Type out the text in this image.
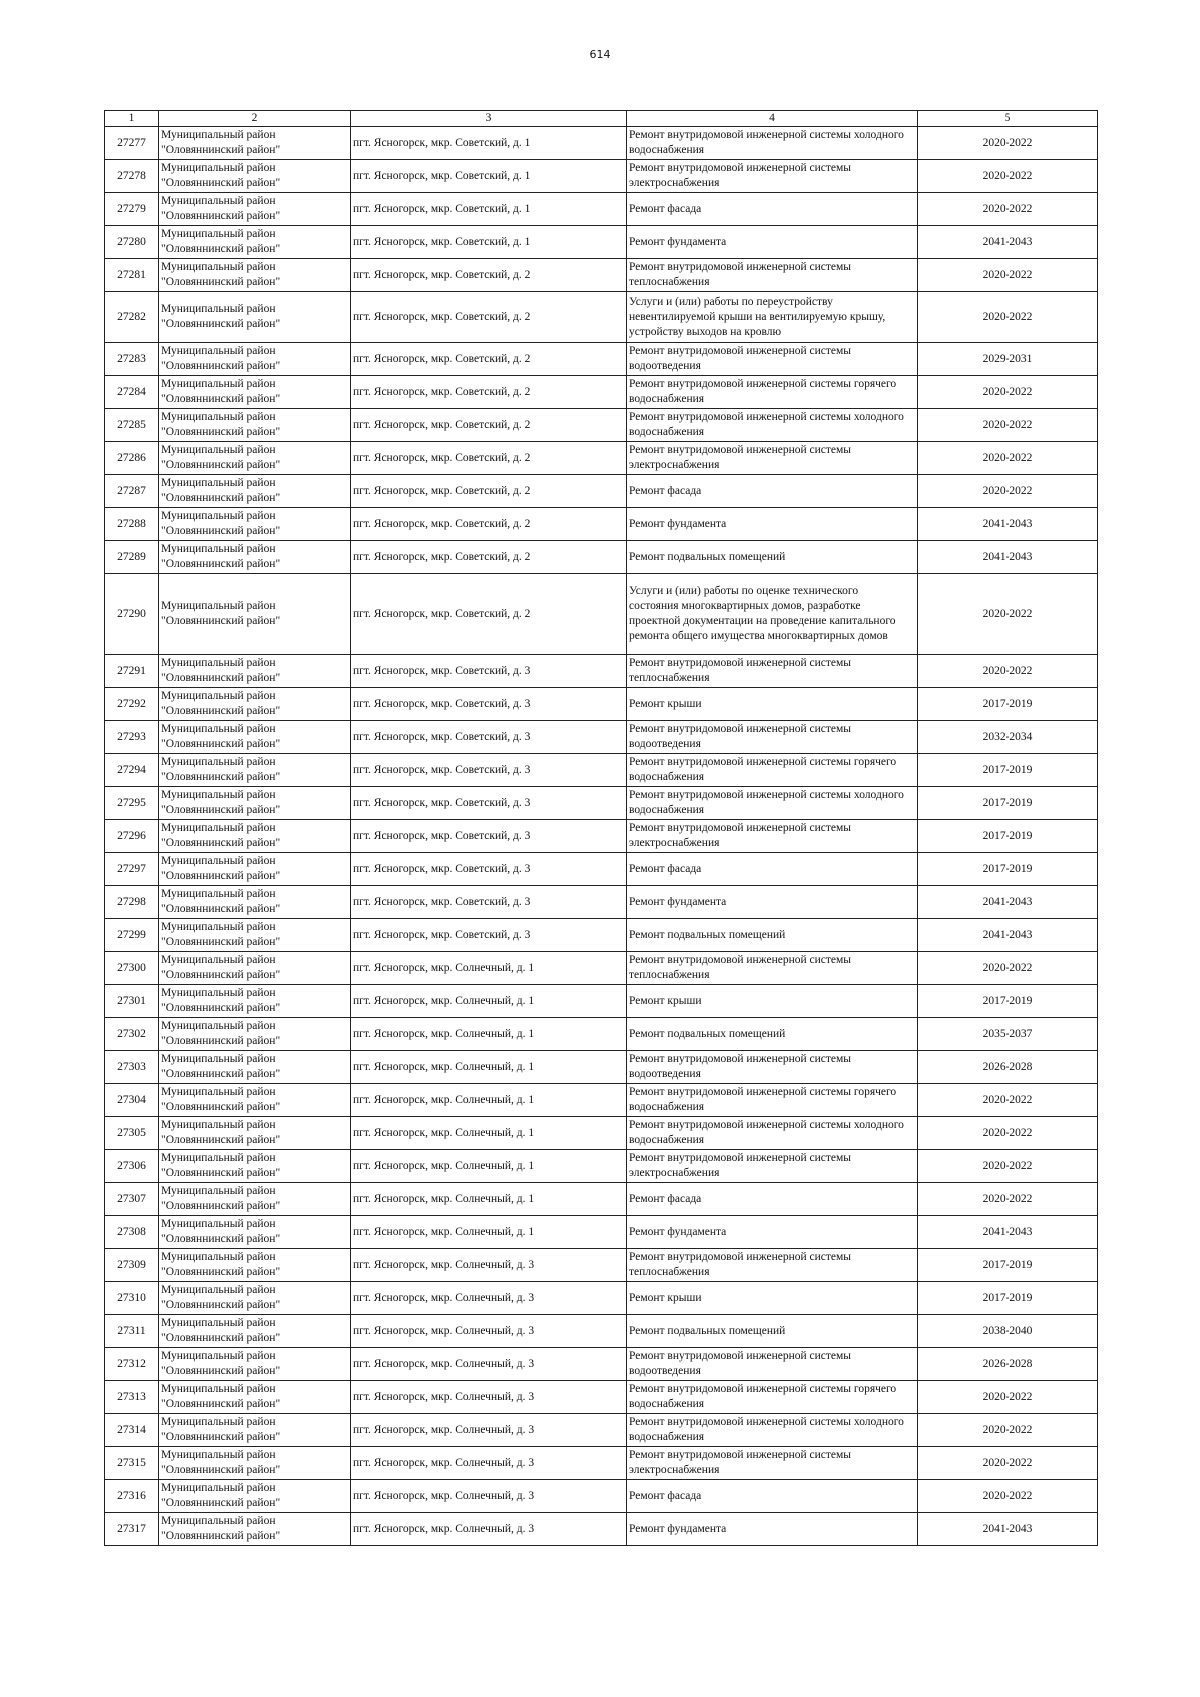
614
1	2	3	4	5
27277	Муниципальный район "Оловяннинский район"	пгт. Ясногорск, мкр. Советский, д. 1	Ремонт внутридомовой инженерной системы холодного водоснабжения	2020-2022
27278	Муниципальный район "Оловяннинский район"	пгт. Ясногорск, мкр. Советский, д. 1	Ремонт внутридомовой инженерной системы электроснабжения	2020-2022
27279	Муниципальный район "Оловяннинский район"	пгт. Ясногорск, мкр. Советский, д. 1	Ремонт фасада	2020-2022
27280	Муниципальный район "Оловяннинский район"	пгт. Ясногорск, мкр. Советский, д. 1	Ремонт фундамента	2041-2043
27281	Муниципальный район "Оловяннинский район"	пгт. Ясногорск, мкр. Советский, д. 2	Ремонт внутридомовой инженерной системы теплоснабжения	2020-2022
27282	Муниципальный район "Оловяннинский район"	пгт. Ясногорск, мкр. Советский, д. 2	Услуги и (или) работы по переустройству невентилируемой крыши на вентилируемую крышу, устройству выходов на кровлю	2020-2022
27283	Муниципальный район "Оловяннинский район"	пгт. Ясногорск, мкр. Советский, д. 2	Ремонт внутридомовой инженерной системы водоотведения	2029-2031
27284	Муниципальный район "Оловяннинский район"	пгт. Ясногорск, мкр. Советский, д. 2	Ремонт внутридомовой инженерной системы горячего водоснабжения	2020-2022
27285	Муниципальный район "Оловяннинский район"	пгт. Ясногорск, мкр. Советский, д. 2	Ремонт внутридомовой инженерной системы холодного водоснабжения	2020-2022
27286	Муниципальный район "Оловяннинский район"	пгт. Ясногорск, мкр. Советский, д. 2	Ремонт внутридомовой инженерной системы электроснабжения	2020-2022
27287	Муниципальный район "Оловяннинский район"	пгт. Ясногорск, мкр. Советский, д. 2	Ремонт фасада	2020-2022
27288	Муниципальный район "Оловяннинский район"	пгт. Ясногорск, мкр. Советский, д. 2	Ремонт фундамента	2041-2043
27289	Муниципальный район "Оловяннинский район"	пгт. Ясногорск, мкр. Советский, д. 2	Ремонт подвальных помещений	2041-2043
27290	Муниципальный район "Оловяннинский район"	пгт. Ясногорск, мкр. Советский, д. 2	Услуги и (или) работы по оценке технического состояния многоквартирных домов, разработке проектной документации на проведение капитального ремонта общего имущества многоквартирных домов	2020-2022
27291	Муниципальный район "Оловяннинский район"	пгт. Ясногорск, мкр. Советский, д. 3	Ремонт внутридомовой инженерной системы теплоснабжения	2020-2022
27292	Муниципальный район "Оловяннинский район"	пгт. Ясногорск, мкр. Советский, д. 3	Ремонт крыши	2017-2019
27293	Муниципальный район "Оловяннинский район"	пгт. Ясногорск, мкр. Советский, д. 3	Ремонт внутридомовой инженерной системы водоотведения	2032-2034
27294	Муниципальный район "Оловяннинский район"	пгт. Ясногорск, мкр. Советский, д. 3	Ремонт внутридомовой инженерной системы горячего водоснабжения	2017-2019
27295	Муниципальный район "Оловяннинский район"	пгт. Ясногорск, мкр. Советский, д. 3	Ремонт внутридомовой инженерной системы холодного водоснабжения	2017-2019
27296	Муниципальный район "Оловяннинский район"	пгт. Ясногорск, мкр. Советский, д. 3	Ремонт внутридомовой инженерной системы электроснабжения	2017-2019
27297	Муниципальный район "Оловяннинский район"	пгт. Ясногорск, мкр. Советский, д. 3	Ремонт фасада	2017-2019
27298	Муниципальный район "Оловяннинский район"	пгт. Ясногорск, мкр. Советский, д. 3	Ремонт фундамента	2041-2043
27299	Муниципальный район "Оловяннинский район"	пгт. Ясногорск, мкр. Советский, д. 3	Ремонт подвальных помещений	2041-2043
27300	Муниципальный район "Оловяннинский район"	пгт. Ясногорск, мкр. Солнечный, д. 1	Ремонт внутридомовой инженерной системы теплоснабжения	2020-2022
27301	Муниципальный район "Оловяннинский район"	пгт. Ясногорск, мкр. Солнечный, д. 1	Ремонт крыши	2017-2019
27302	Муниципальный район "Оловяннинский район"	пгт. Ясногорск, мкр. Солнечный, д. 1	Ремонт подвальных помещений	2035-2037
27303	Муниципальный район "Оловяннинский район"	пгт. Ясногорск, мкр. Солнечный, д. 1	Ремонт внутридомовой инженерной системы водоотведения	2026-2028
27304	Муниципальный район "Оловяннинский район"	пгт. Ясногорск, мкр. Солнечный, д. 1	Ремонт внутридомовой инженерной системы горячего водоснабжения	2020-2022
27305	Муниципальный район "Оловяннинский район"	пгт. Ясногорск, мкр. Солнечный, д. 1	Ремонт внутридомовой инженерной системы холодного водоснабжения	2020-2022
27306	Муниципальный район "Оловяннинский район"	пгт. Ясногорск, мкр. Солнечный, д. 1	Ремонт внутридомовой инженерной системы электроснабжения	2020-2022
27307	Муниципальный район "Оловяннинский район"	пгт. Ясногорск, мкр. Солнечный, д. 1	Ремонт фасада	2020-2022
27308	Муниципальный район "Оловяннинский район"	пгт. Ясногорск, мкр. Солнечный, д. 1	Ремонт фундамента	2041-2043
27309	Муниципальный район "Оловяннинский район"	пгт. Ясногорск, мкр. Солнечный, д. 3	Ремонт внутридомовой инженерной системы теплоснабжения	2017-2019
27310	Муниципальный район "Оловяннинский район"	пгт. Ясногорск, мкр. Солнечный, д. 3	Ремонт крыши	2017-2019
27311	Муниципальный район "Оловяннинский район"	пгт. Ясногорск, мкр. Солнечный, д. 3	Ремонт подвальных помещений	2038-2040
27312	Муниципальный район "Оловяннинский район"	пгт. Ясногорск, мкр. Солнечный, д. 3	Ремонт внутридомовой инженерной системы водоотведения	2026-2028
27313	Муниципальный район "Оловяннинский район"	пгт. Ясногорск, мкр. Солнечный, д. 3	Ремонт внутридомовой инженерной системы горячего водоснабжения	2020-2022
27314	Муниципальный район "Оловяннинский район"	пгт. Ясногорск, мкр. Солнечный, д. 3	Ремонт внутридомовой инженерной системы холодного водоснабжения	2020-2022
27315	Муниципальный район "Оловяннинский район"	пгт. Ясногорск, мкр. Солнечный, д. 3	Ремонт внутридомовой инженерной системы электроснабжения	2020-2022
27316	Муниципальный район "Оловяннинский район"	пгт. Ясногорск, мкр. Солнечный, д. 3	Ремонт фасада	2020-2022
27317	Муниципальный район "Оловяннинский район"	пгт. Ясногорск, мкр. Солнечный, д. 3	Ремонт фундамента	2041-2043
